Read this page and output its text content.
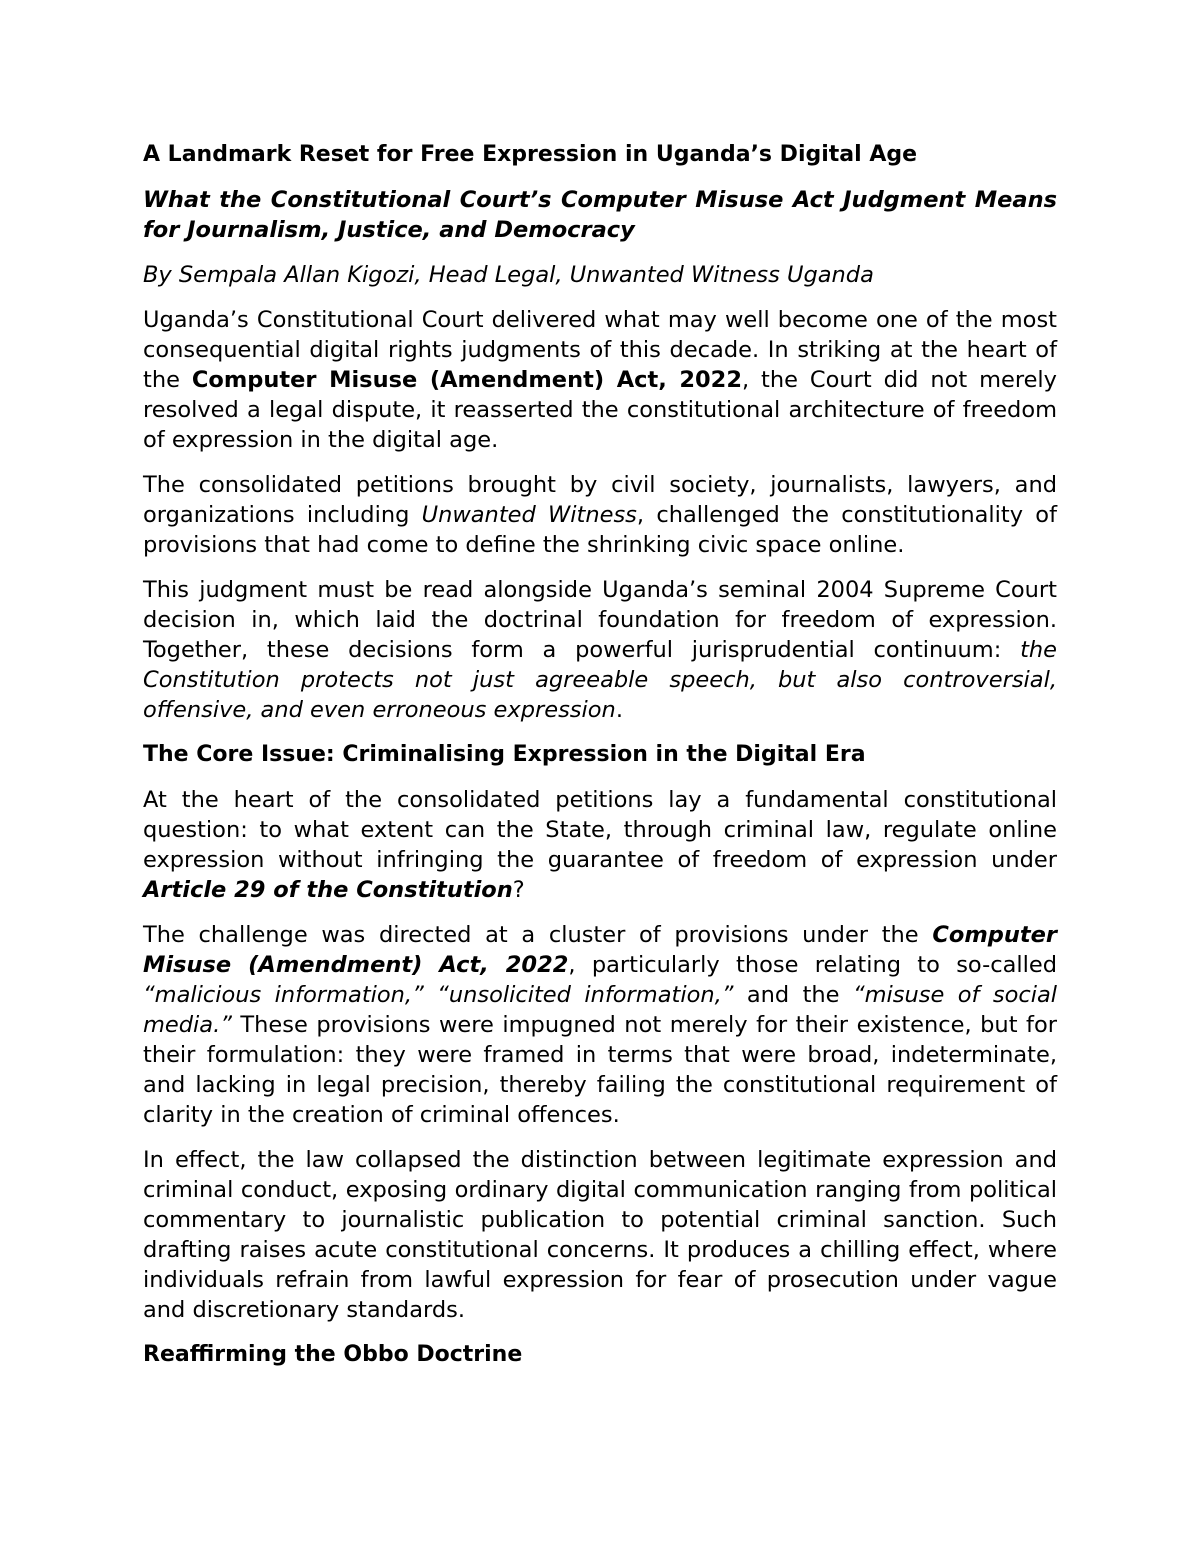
A Landmark Reset for Free Expression in Uganda’s Digital Age

What the Constitutional Court’s Computer Misuse Act Judgment Means for Journalism, Justice, and Democracy

By Sempala Allan Kigozi, Head Legal, Unwanted Witness Uganda

Uganda’s Constitutional Court delivered what may well become one of the most consequential digital rights judgments of this decade. In striking at the heart of the Computer Misuse (Amendment) Act, 2022, the Court did not merely resolved a legal dispute, it reasserted the constitutional architecture of freedom of expression in the digital age.

The consolidated petitions brought by civil society, journalists, lawyers, and organizations including Unwanted Witness, challenged the constitutionality of provisions that had come to define the shrinking civic space online.

This judgment must be read alongside Uganda’s seminal 2004 Supreme Court decision in, which laid the doctrinal foundation for freedom of expression. Together, these decisions form a powerful jurisprudential continuum: the Constitution protects not just agreeable speech, but also controversial, offensive, and even erroneous expression.

The Core Issue: Criminalising Expression in the Digital Era

At the heart of the consolidated petitions lay a fundamental constitutional question: to what extent can the State, through criminal law, regulate online expression without infringing the guarantee of freedom of expression under Article 29 of the Constitution?

The challenge was directed at a cluster of provisions under the Computer Misuse (Amendment) Act, 2022, particularly those relating to so-called “malicious information,” “unsolicited information,” and the “misuse of social media.” These provisions were impugned not merely for their existence, but for their formulation: they were framed in terms that were broad, indeterminate, and lacking in legal precision, thereby failing the constitutional requirement of clarity in the creation of criminal offences.

In effect, the law collapsed the distinction between legitimate expression and criminal conduct, exposing ordinary digital communication ranging from political commentary to journalistic publication to potential criminal sanction. Such drafting raises acute constitutional concerns. It produces a chilling effect, where individuals refrain from lawful expression for fear of prosecution under vague and discretionary standards.

Reaffirming the Obbo Doctrine
